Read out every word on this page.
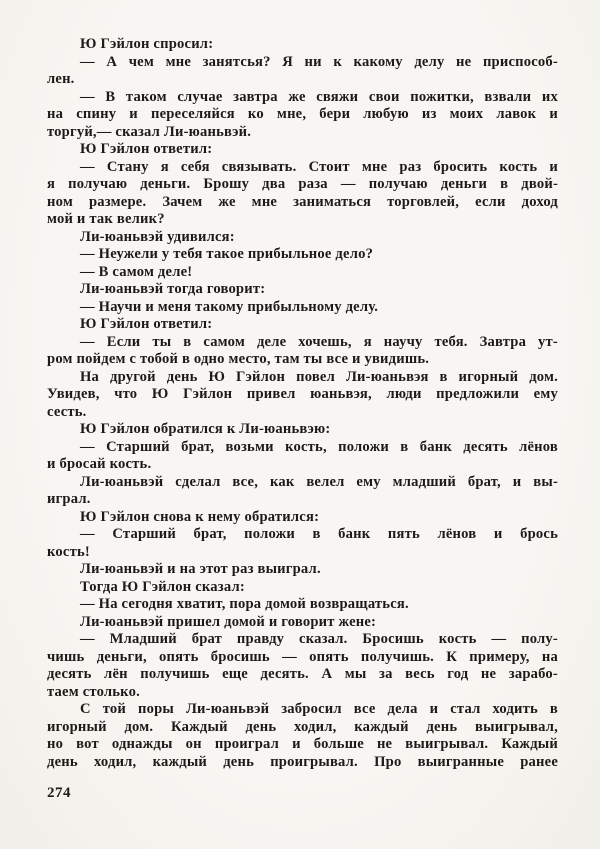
Ю Гэйлон спросил:
— А чем мне занятсья? Я ни к какому делу не приспособ-
лен.
— В таком случае завтра же свяжи свои пожитки, взвали их
на спину и переселяйся ко мне, бери любую из моих лавок и
торгуй,— сказал Ли-юаньвэй.
Ю Гэйлон ответил:
— Стану я себя связывать. Стоит мне раз бросить кость и
я получаю деньги. Брошу два раза — получаю деньги в двой-
ном размере. Зачем же мне заниматься торговлей, если доход
мой и так велик?
Ли-юаньвэй удивился:
— Неужели у тебя такое прибыльное дело?
— В самом деле!
Ли-юаньвэй тогда говорит:
— Научи и меня такому прибыльному делу.
Ю Гэйлон ответил:
— Если ты в самом деле хочешь, я научу тебя. Завтра ут-
ром пойдем с тобой в одно место, там ты все и увидишь.
На другой день Ю Гэйлон повел Ли-юаньвэя в игорный дом.
Увидев, что Ю Гэйлон привел юаньвэя, люди предложили ему
сесть.
Ю Гэйлон обратился к Ли-юаньвэю:
— Старший брат, возьми кость, положи в банк десять лёнов
и бросай кость.
Ли-юаньвэй сделал все, как велел ему младший брат, и вы-
играл.
Ю Гэйлон снова к нему обратился:
— Старший брат, положи в банк пять лёнов и брось
кость!
Ли-юаньвэй и на этот раз выиграл.
Тогда Ю Гэйлон сказал:
— На сегодня хватит, пора домой возвращаться.
Ли-юаньвэй пришел домой и говорит жене:
— Младший брат правду сказал. Бросишь кость — полу-
чишь деньги, опять бросишь — опять получишь. К примеру, на
десять лён получишь еще десять. А мы за весь год не зарабо-
таем столько.
С той поры Ли-юаньвэй забросил все дела и стал ходить в
игорный дом. Каждый день ходил, каждый день выигрывал,
но вот однажды он проиграл и больше не выигрывал. Каждый
день ходил, каждый день проигрывал. Про выигранные ранее
274
